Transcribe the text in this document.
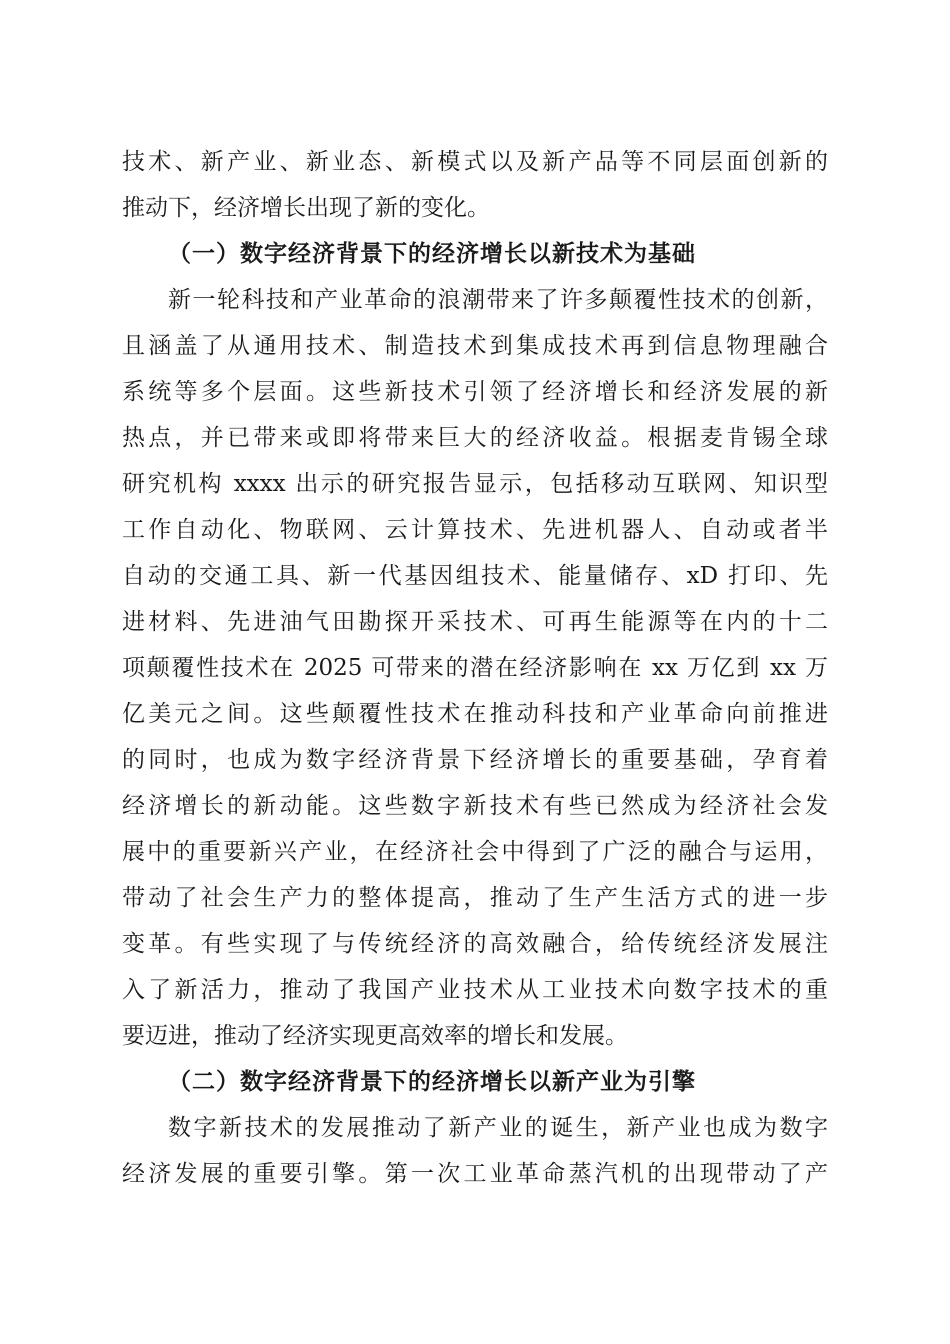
技术、新产业、新业态、新模式以及新产品等不同层面创新的
推动下，经济增长出现了新的变化。
（一）数字经济背景下的经济增长以新技术为基础
新一轮科技和产业革命的浪潮带来了许多颠覆性技术的创新，
且涵盖了从通用技术、制造技术到集成技术再到信息物理融合
系统等多个层面。这些新技术引领了经济增长和经济发展的新
热点，并已带来或即将带来巨大的经济收益。根据麦肯锡全球
研究机构 xxxx 出示的研究报告显示，包括移动互联网、知识型
工作自动化、物联网、云计算技术、先进机器人、自动或者半
自动的交通工具、新一代基因组技术、能量储存、xD 打印、先
进材料、先进油气田勘探开采技术、可再生能源等在内的十二
项颠覆性技术在 2025 可带来的潜在经济影响在 xx 万亿到 xx 万
亿美元之间。这些颠覆性技术在推动科技和产业革命向前推进
的同时，也成为数字经济背景下经济增长的重要基础，孕育着
经济增长的新动能。这些数字新技术有些已然成为经济社会发
展中的重要新兴产业，在经济社会中得到了广泛的融合与运用，
带动了社会生产力的整体提高，推动了生产生活方式的进一步
变革。有些实现了与传统经济的高效融合，给传统经济发展注
入了新活力，推动了我国产业技术从工业技术向数字技术的重
要迈进，推动了经济实现更高效率的增长和发展。
（二）数字经济背景下的经济增长以新产业为引擎
数字新技术的发展推动了新产业的诞生，新产业也成为数字
经济发展的重要引擎。第一次工业革命蒸汽机的出现带动了产
